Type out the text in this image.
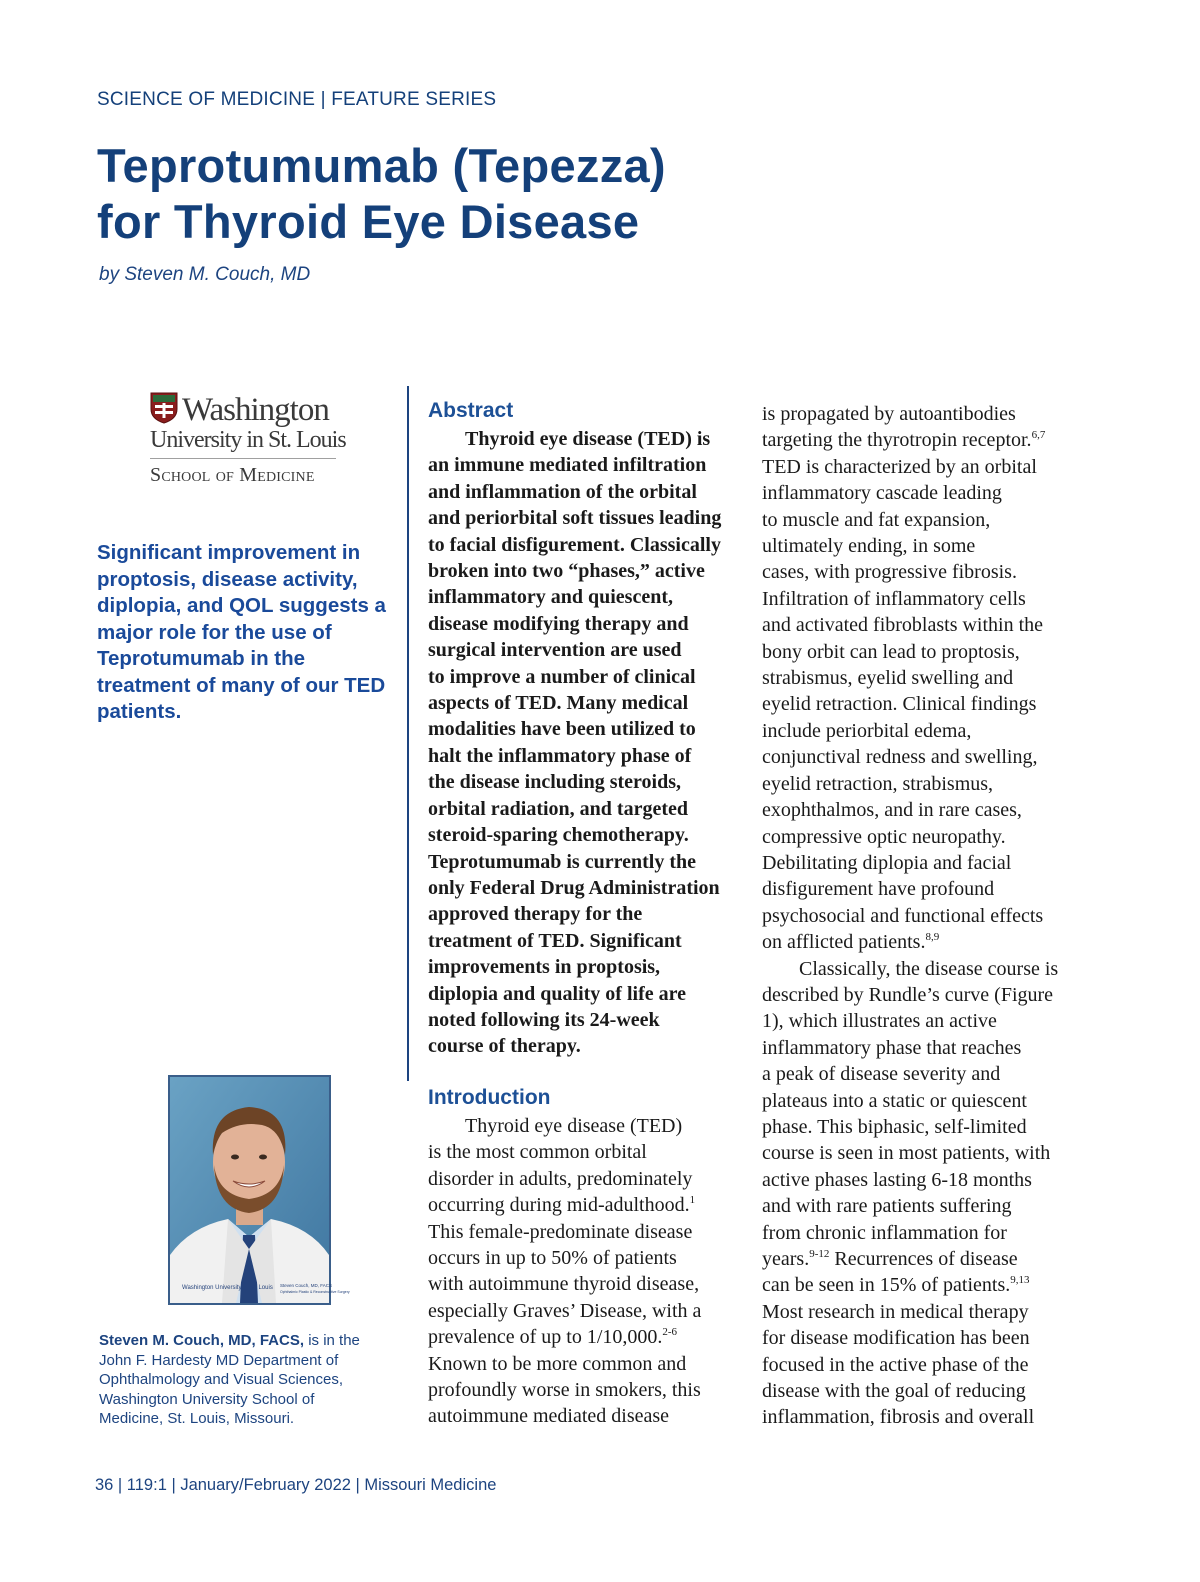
SCIENCE OF MEDICINE | FEATURE SERIES
Teprotumumab (Tepezza)
for Thyroid Eye Disease
by Steven M. Couch, MD
Washington
University in St. Louis
School of Medicine

Significant improvement in proptosis, disease activity, diplopia, and QOL suggests a major role for the use of Teprotumumab in the treatment of many of our TED patients.

Washington University in St. Louis Steven Couch, MD, FACS
Ophthalmic Plastic & Reconstructive Surgery
Steven M. Couch, MD, FACS, is in the
John F. Hardesty MD Department of
Ophthalmology and Visual Sciences,
Washington University School of
Medicine, St. Louis, Missouri.
Abstract
Thyroid eye disease (TED) is
an immune mediated infiltration
and inflammation of the orbital
and periorbital soft tissues leading
to facial disfigurement. Classically
broken into two “phases,” active
inflammatory and quiescent,
disease modifying therapy and
surgical intervention are used
to improve a number of clinical
aspects of TED. Many medical
modalities have been utilized to
halt the inflammatory phase of
the disease including steroids,
orbital radiation, and targeted
steroid-sparing chemotherapy.
Teprotumumab is currently the
only Federal Drug Administration
approved therapy for the
treatment of TED. Significant
improvements in proptosis,
diplopia and quality of life are
noted following its 24-week
course of therapy.
Introduction
Thyroid eye disease (TED)
is the most common orbital
disorder in adults, predominately
occurring during mid-adulthood.$^1$
This female-predominate disease
occurs in up to 50% of patients
with autoimmune thyroid disease,
especially Graves’ Disease, with a
prevalence of up to 1/10,000.$^{2-6}$
Known to be more common and
profoundly worse in smokers, this
autoimmune mediated disease
is propagated by autoantibodies
targeting the thyrotropin receptor.$^{6,7}$
TED is characterized by an orbital
inflammatory cascade leading
to muscle and fat expansion,
ultimately ending, in some
cases, with progressive fibrosis.
Infiltration of inflammatory cells
and activated fibroblasts within the
bony orbit can lead to proptosis,
strabismus, eyelid swelling and
eyelid retraction. Clinical findings
include periorbital edema,
conjunctival redness and swelling,
eyelid retraction, strabismus,
exophthalmos, and in rare cases,
compressive optic neuropathy.
Debilitating diplopia and facial
disfigurement have profound
psychosocial and functional effects
on afflicted patients.$^{8,9}$
Classically, the disease course is
described by Rundle’s curve (Figure
1), which illustrates an active
inflammatory phase that reaches
a peak of disease severity and
plateaus into a static or quiescent
phase. This biphasic, self-limited
course is seen in most patients, with
active phases lasting 6-18 months
and with rare patients suffering
from chronic inflammation for
years.$^{9-12}$ Recurrences of disease
can be seen in 15% of patients.$^{9,13}$
Most research in medical therapy
for disease modification has been
focused in the active phase of the
disease with the goal of reducing
inflammation, fibrosis and overall
36 | 119:1 | January/February 2022 | Missouri Medicine
